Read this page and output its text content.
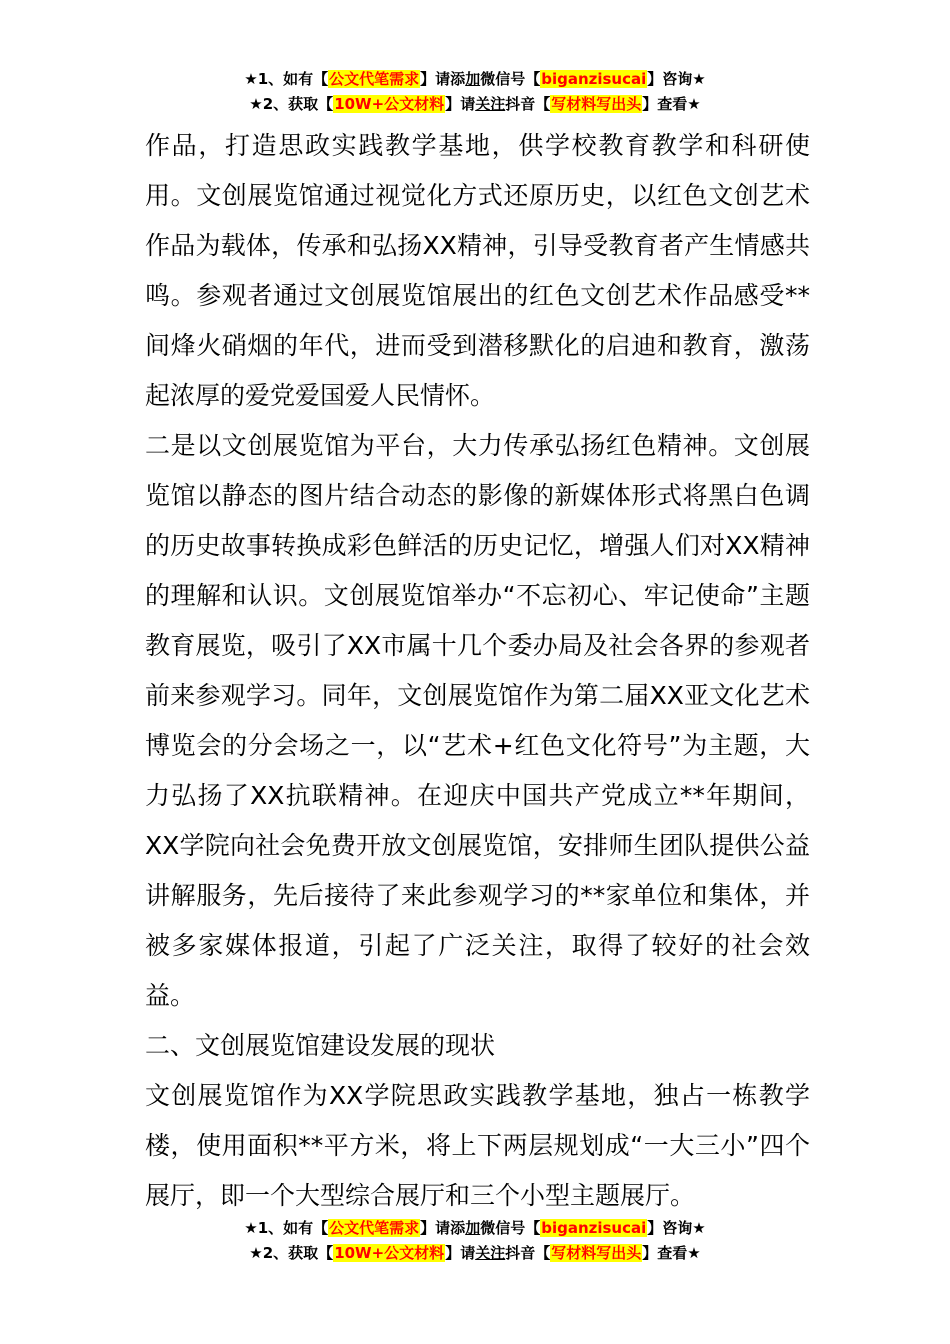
★1、如有【公文代笔需求】请添加微信号【biganzisucai】咨询★
★2、获取【10W+公文材料】请关注抖音【写材料写出头】查看★

作品，打造思政实践教学基地，供学校教育教学和科研使用。文创展览馆通过视觉化方式还原历史，以红色文创艺术作品为载体，传承和弘扬XX精神，引导受教育者产生情感共鸣。参观者通过文创展览馆展出的红色文创艺术作品感受**间烽火硝烟的年代，进而受到潜移默化的启迪和教育，激荡起浓厚的爱党爱国爱人民情怀。

二是以文创展览馆为平台，大力传承弘扬红色精神。文创展览馆以静态的图片结合动态的影像的新媒体形式将黑白色调的历史故事转换成彩色鲜活的历史记忆，增强人们对XX精神的理解和认识。文创展览馆举办“不忘初心、牢记使命”主题教育展览，吸引了XX市属十几个委办局及社会各界的参观者前来参观学习。同年，文创展览馆作为第二届XX亚文化艺术博览会的分会场之一，以“艺术+红色文化符号”为主题，大力弘扬了XX抗联精神。在迎庆中国共产党成立**年期间，XX学院向社会免费开放文创展览馆，安排师生团队提供公益讲解服务，先后接待了来此参观学习的**家单位和集体，并被多家媒体报道，引起了广泛关注，取得了较好的社会效益。

二、文创展览馆建设发展的现状

文创展览馆作为XX学院思政实践教学基地，独占一栋教学楼，使用面积**平方米，将上下两层规划成“一大三小”四个展厅，即一个大型综合展厅和三个小型主题展厅。

★1、如有【公文代笔需求】请添加微信号【biganzisucai】咨询★
★2、获取【10W+公文材料】请关注抖音【写材料写出头】查看★
